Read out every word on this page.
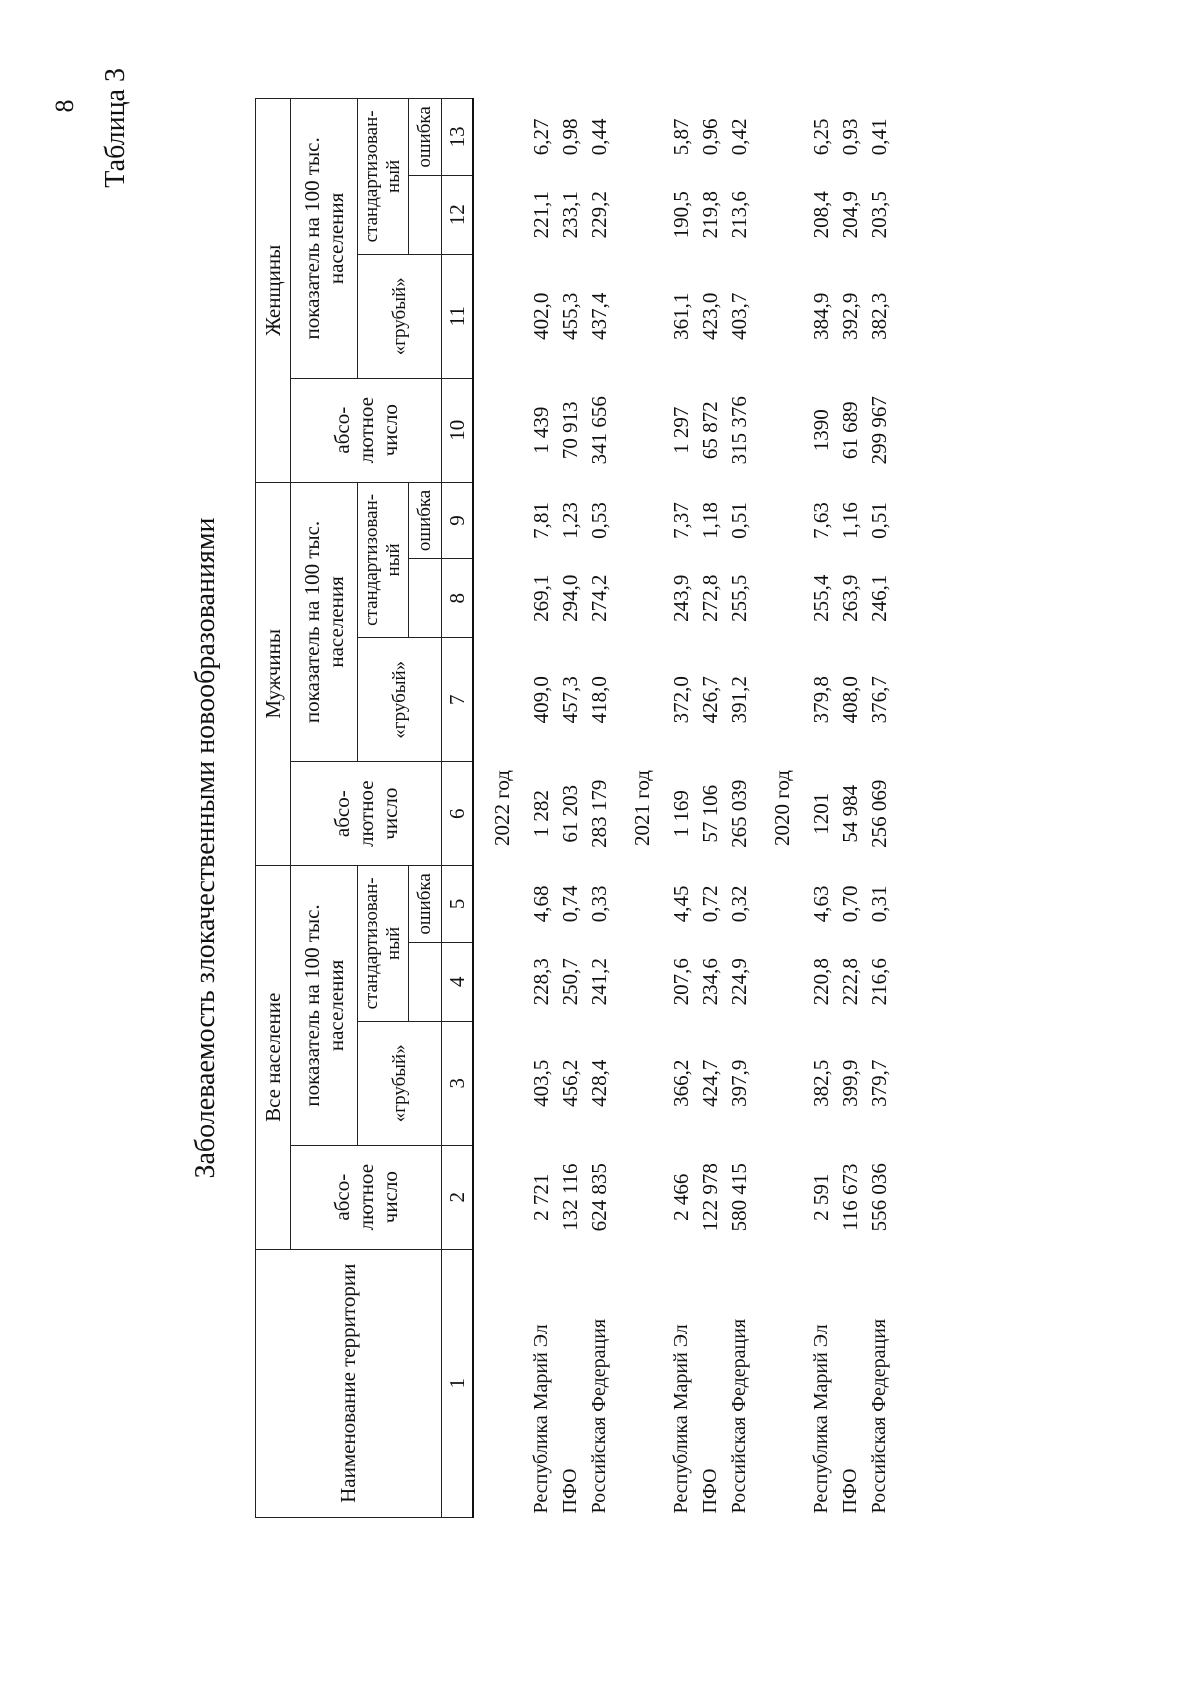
8 Таблица 3
Заболеваемость злокачественными новообразованиями
Наименование территории	Все население				Мужчины				Женщины			
	абсо- лютное число	показатель на 100 тыс. населения			абсо- лютное число	показатель на 100 тыс. населения			абсо- лютное число	показатель на 100 тыс. населения		
		«грубый»	стандартизован- ный			«грубый»	стандартизован- ный			«грубый»	стандартизован- ный	
				ошибка				ошибка				ошибка
1	2	3	4	5	6	7	8	9	10	11	12	13
2022 год												
Республика Марий Эл	2 721	403,5	228,3	4,68	1 282	409,0	269,1	7,81	1 439	402,0	221,1	6,27
ПФО	132 116	456,2	250,7	0,74	61 203	457,3	294,0	1,23	70 913	455,3	233,1	0,98
Российская Федерация	624 835	428,4	241,2	0,33	283 179	418,0	274,2	0,53	341 656	437,4	229,2	0,44
2021 год												
Республика Марий Эл	2 466	366,2	207,6	4,45	1 169	372,0	243,9	7,37	1 297	361,1	190,5	5,87
ПФО	122 978	424,7	234,6	0,72	57 106	426,7	272,8	1,18	65 872	423,0	219,8	0,96
Российская Федерация	580 415	397,9	224,9	0,32	265 039	391,2	255,5	0,51	315 376	403,7	213,6	0,42
2020 год												
Республика Марий Эл	2 591	382,5	220,8	4,63	1201	379,8	255,4	7,63	1390	384,9	208,4	6,25
ПФО	116 673	399,9	222,8	0,70	54 984	408,0	263,9	1,16	61 689	392,9	204,9	0,93
Российская Федерация	556 036	379,7	216,6	0,31	256 069	376,7	246,1	0,51	299 967	382,3	203,5	0,41
